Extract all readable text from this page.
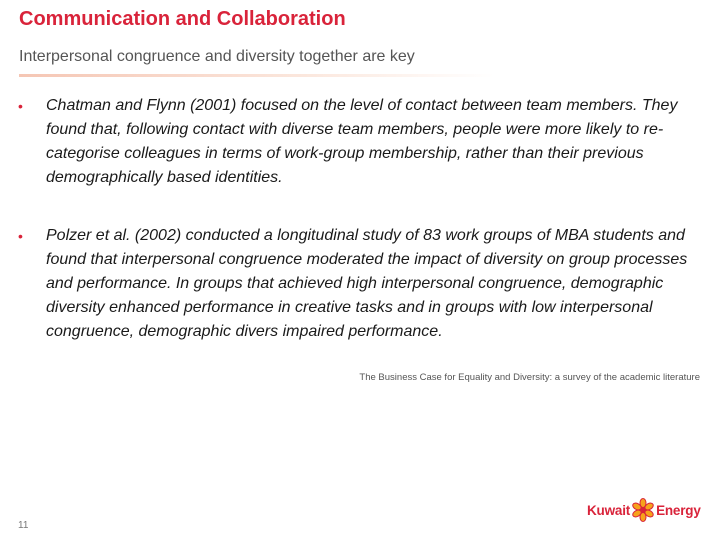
Communication and Collaboration
Interpersonal congruence and diversity together are key
• Chatman and Flynn (2001) focused on the level of contact between team members. They found that, following contact with diverse team members, people were more likely to re-categorise colleagues in terms of work-group membership, rather than their previous demographically based identities.
• Polzer et al. (2002) conducted a longitudinal study of 83 work groups of MBA students and found that interpersonal congruence moderated the impact of diversity on group processes and performance. In groups that achieved high interpersonal congruence, demographic diversity enhanced performance in creative tasks and in groups with low interpersonal congruence, demographic divers impaired performance.
The Business Case for Equality and Diversity: a survey of the academic literature
11
Kuwait Energy
